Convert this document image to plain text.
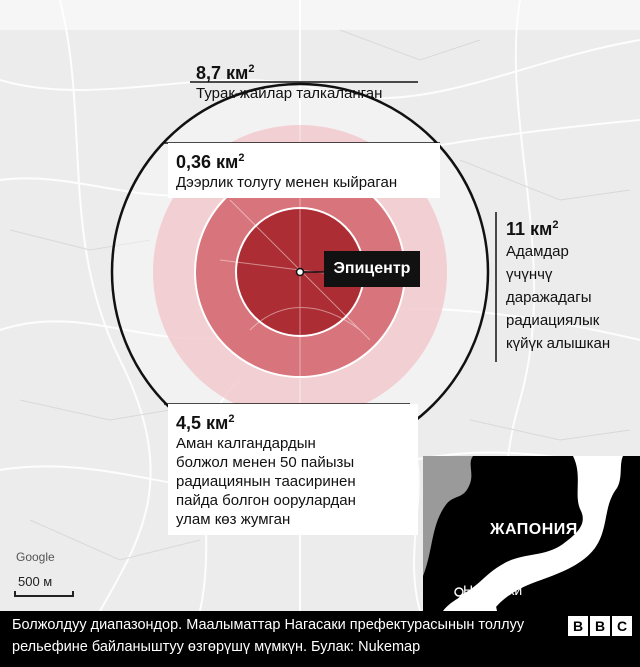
8,7 $км^2$
Турак-жайлар талкаланган
0,36 $км^2$
Дээрлик толугу менен кыйраган
11 $км^2$
Адамдар
үчүнчү
даражадагы
радиациялык
күйүк алышкан
4,5 $км^2$
Аман калгандардын
болжол менен 50 пайызы
радиациянын таасиринен
пайда болгон оорулардан
улам көз жумган
Эпицентр
ЖАПОНИЯ
Нагасаки
Google
500 м
Болжолдуу диапазондор. Маалыматтар Нагасаки префектурасынын толлуу рельефине байланыштуу өзгөрүшү мүмкүн. Булак: Nukemap
B B C
